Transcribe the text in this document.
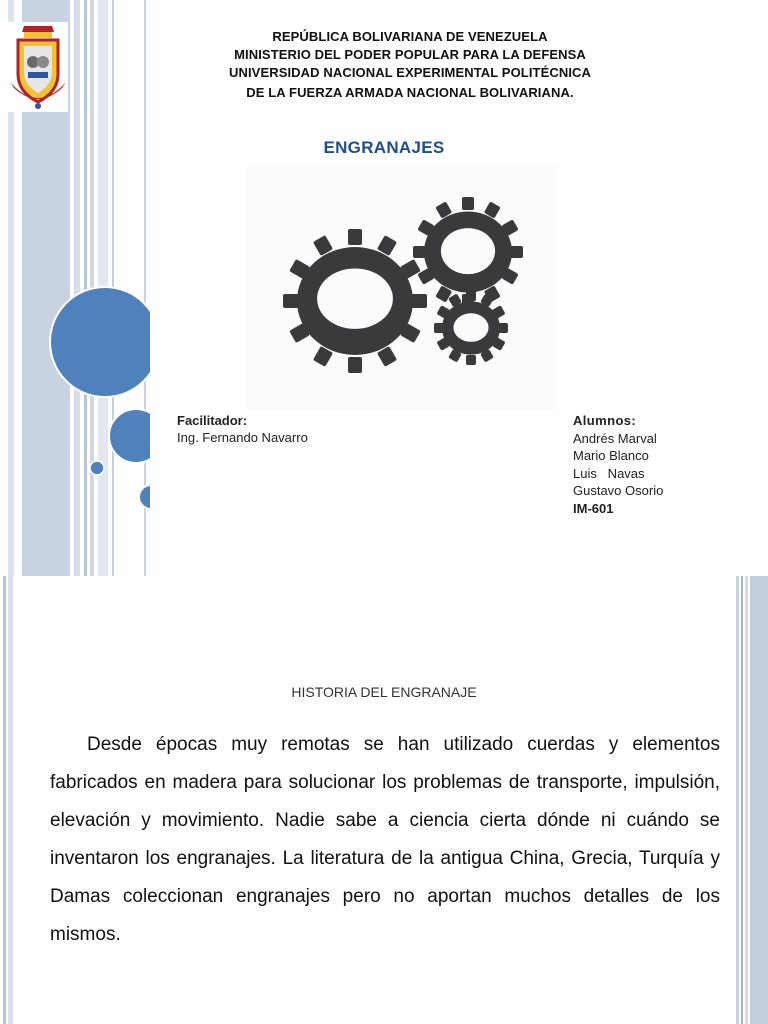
REPÚBLICA BOLIVARIANA DE VENEZUELA
MINISTERIO DEL PODER POPULAR PARA LA DEFENSA
UNIVERSIDAD NACIONAL EXPERIMENTAL POLITÉCNICA
DE LA FUERZA ARMADA NACIONAL BOLIVARIANA.
ENGRANAJES
Facilitador:
Ing. Fernando Navarro
Alumnos:
Andrés Marval
Mario Blanco
Luis   Navas
Gustavo Osorio
IM-601
HISTORIA DEL ENGRANAJE

Desde épocas muy remotas se han utilizado cuerdas y elementos fabricados en madera para solucionar los problemas de transporte, impulsión, elevación y movimiento. Nadie sabe a ciencia cierta dónde ni cuándo se inventaron los engranajes. La literatura de la antigua China, Grecia, Turquía y Damas coleccionan engranajes pero no aportan muchos detalles de los mismos.
